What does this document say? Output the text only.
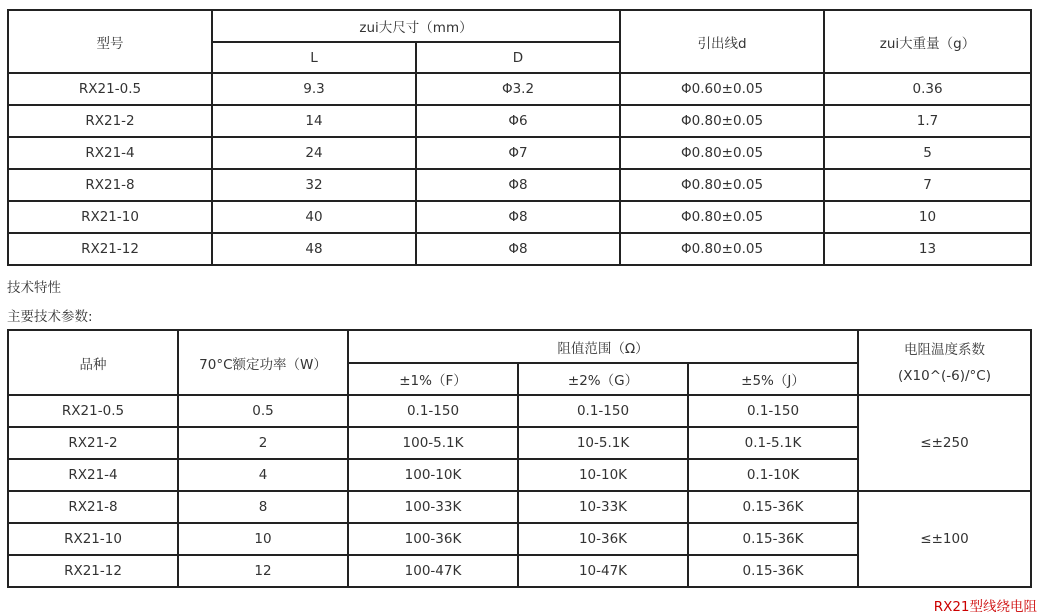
型号	zui大尺寸（mm）		引出线d	zui大重量（g）
	L	D		
RX21-0.5	9.3	Φ3.2	Φ0.60±0.05	0.36
RX21-2	14	Φ6	Φ0.80±0.05	1.7
RX21-4	24	Φ7	Φ0.80±0.05	5
RX21-8	32	Φ8	Φ0.80±0.05	7
RX21-10	40	Φ8	Φ0.80±0.05	10
RX21-12	48	Φ8	Φ0.80±0.05	13
技术特性
主要技术参数:
品种	70°C额定功率（W）	阻值范围（Ω）			电阻温度系数
(X10^(-6)/°C)

		±1%（F）	±2%（G）	±5%（J）	
RX21-0.5	0.5	0.1-150	0.1-150	0.1-150	≤±250
RX21-2	2	100-5.1K	10-5.1K	0.1-5.1K	
RX21-4	4	100-10K	10-10K	0.1-10K	
RX21-8	8	100-33K	10-33K	0.15-36K	≤±100
RX21-10	10	100-36K	10-36K	0.15-36K	
RX21-12	12	100-47K	10-47K	0.15-36K	
RX21型线绕电阻
